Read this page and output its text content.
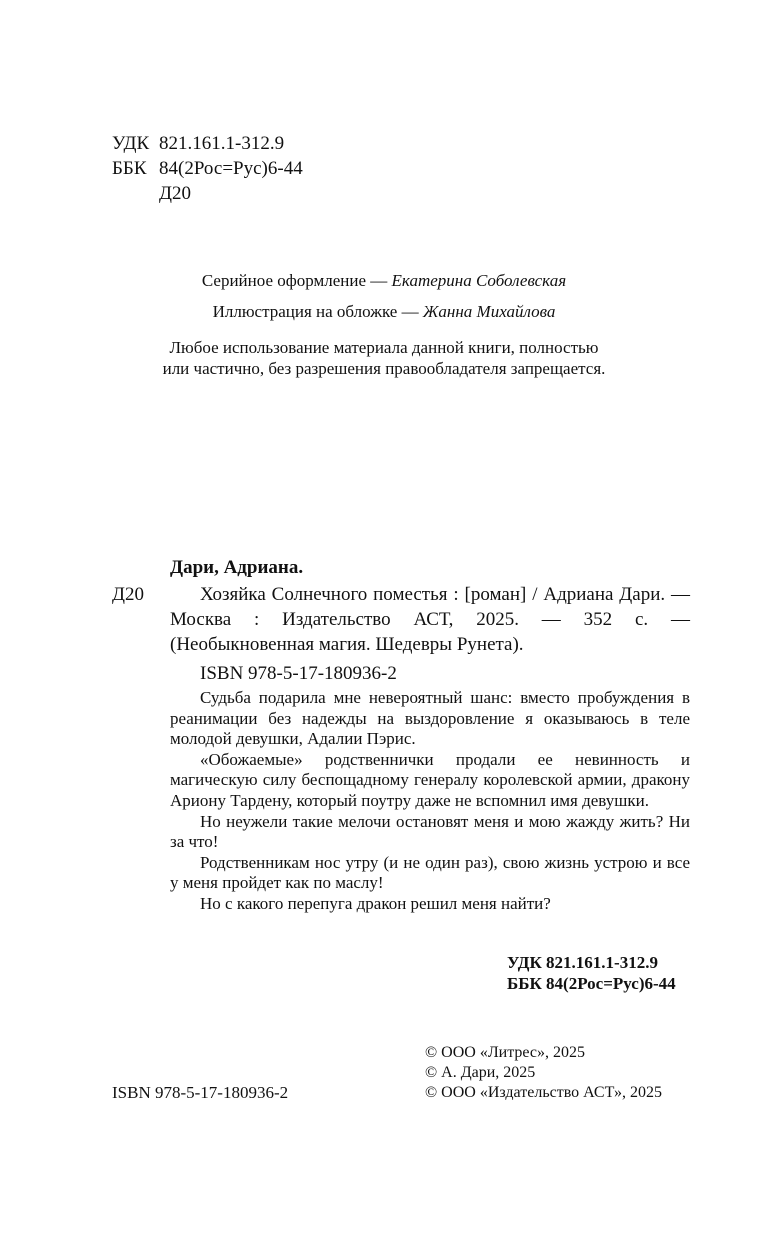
УДК 821.161.1-312.9
ББК 84(2Рос=Рус)6-44
Д20
Серийное оформление — Екатерина Соболевская
Иллюстрация на обложке — Жанна Михайлова
Любое использование материала данной книги, полностью
или частично, без разрешения правообладателя запрещается.
Дари, Адриана.
Д20	Хозяйка Солнечного поместья : [роман] / Адриана Дари. — Москва : Издательство АСТ, 2025. — 352 с. — (Необыкновенная магия. Шедевры Рунета).
ISBN 978-5-17-180936-2

Судьба подарила мне невероятный шанс: вместо пробуждения в реанимации без надежды на выздоровление я оказываюсь в теле молодой девушки, Адалии Пэрис.

«Обожаемые» родственнички продали ее невинность и магическую силу беспощадному генералу королевской армии, дракону Ариону Тардену, который поутру даже не вспомнил имя девушки.

Но неужели такие мелочи остановят меня и мою жажду жить? Ни за что!

Родственникам нос утру (и не один раз), свою жизнь устрою и все у меня пройдет как по маслу!

Но с какого перепуга дракон решил меня найти?

УДК 821.161.1-312.9
ББК 84(2Рос=Рус)6-44
ISBN 978-5-17-180936-2
© ООО «Литрес», 2025
© А. Дари, 2025
© ООО «Издательство АСТ», 2025
